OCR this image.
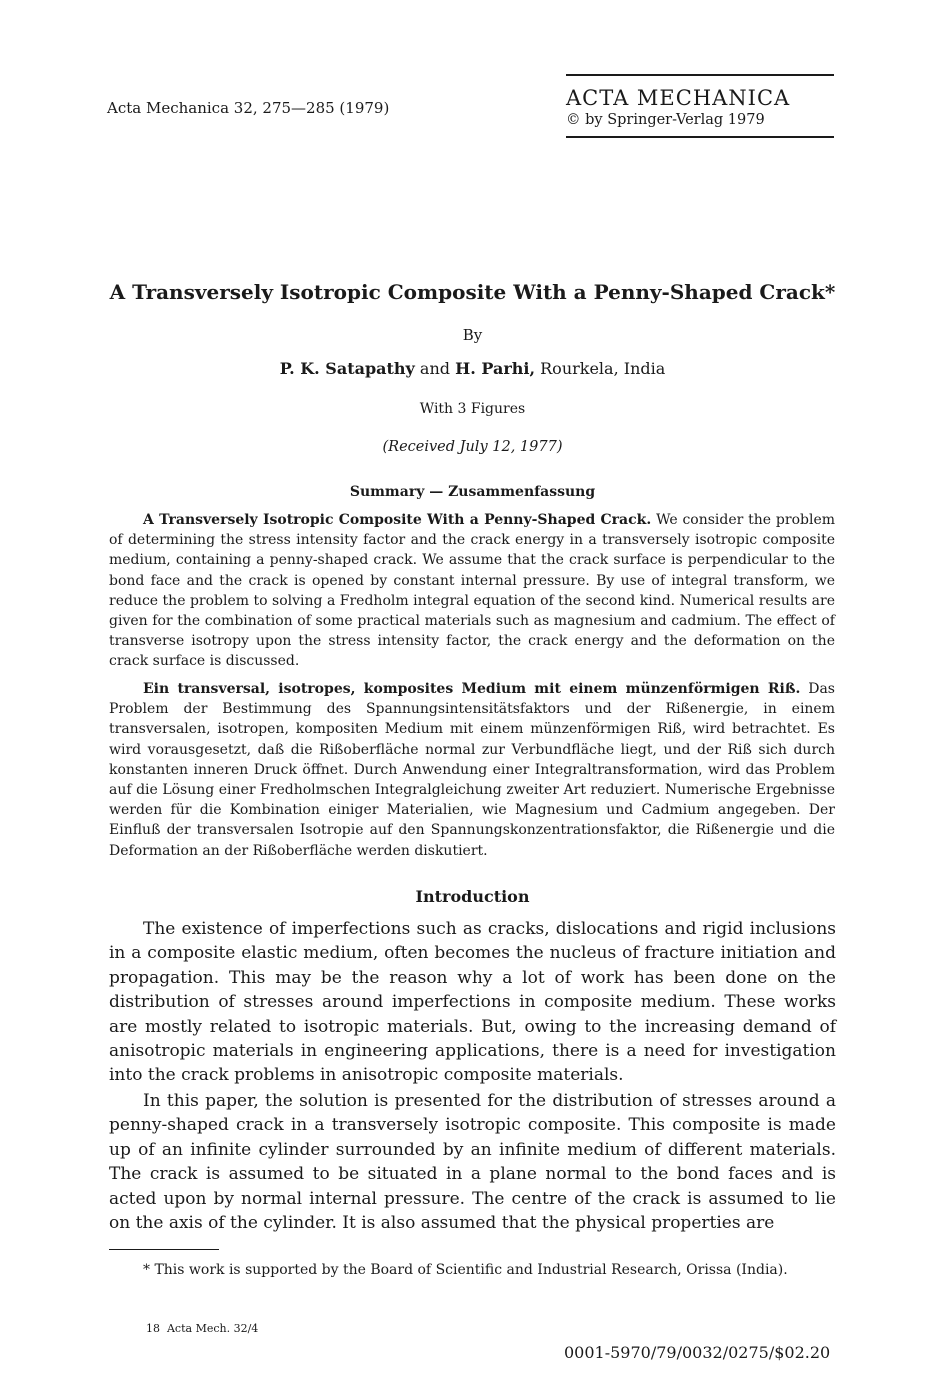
Acta Mechanica 32, 275—285 (1979)	ACTA MECHANICA
© by Springer-Verlag 1979
A Transversely Isotropic Composite With a Penny-Shaped Crack*
By
P. K. Satapathy and H. Parhi, Rourkela, India
With 3 Figures
(Received July 12, 1977)
Summary — Zusammenfassung

A Transversely Isotropic Composite With a Penny-Shaped Crack. We consider the problem of determining the stress intensity factor and the crack energy in a transversely isotropic composite medium, containing a penny-shaped crack. We assume that the crack surface is perpendicular to the bond face and the crack is opened by constant internal pressure. By use of integral transform, we reduce the problem to solving a Fredholm integral equation of the second kind. Numerical results are given for the combination of some practical materials such as magnesium and cadmium. The effect of transverse isotropy upon the stress intensity factor, the crack energy and the deformation on the crack surface is discussed.

Ein transversal, isotropes, komposites Medium mit einem münzenförmigen Riß. Das Problem der Bestimmung des Spannungsintensitätsfaktors und der Rißenergie, in einem transversalen, isotropen, kompositen Medium mit einem münzenförmigen Riß, wird betrachtet. Es wird vorausgesetzt, daß die Rißoberfläche normal zur Verbundfläche liegt, und der Riß sich durch konstanten inneren Druck öffnet. Durch Anwendung einer Integraltransformation, wird das Problem auf die Lösung einer Fredholmschen Integralgleichung zweiter Art reduziert. Numerische Ergebnisse werden für die Kombination einiger Materialien, wie Magnesium und Cadmium angegeben. Der Einfluß der transversalen Isotropie auf den Spannungskonzentrationsfaktor, die Rißenergie und die Deformation an der Rißoberfläche werden diskutiert.

Introduction

The existence of imperfections such as cracks, dislocations and rigid inclusions in a composite elastic medium, often becomes the nucleus of fracture initiation and propagation. This may be the reason why a lot of work has been done on the distribution of stresses around imperfections in composite medium. These works are mostly related to isotropic materials. But, owing to the increasing demand of anisotropic materials in engineering applications, there is a need for investigation into the crack problems in anisotropic composite materials.

In this paper, the solution is presented for the distribution of stresses around a penny-shaped crack in a transversely isotropic composite. This composite is made up of an infinite cylinder surrounded by an infinite medium of different materials. The crack is assumed to be situated in a plane normal to the bond faces and is acted upon by normal internal pressure. The centre of the crack is assumed to lie on the axis of the cylinder. It is also assumed that the physical properties are

* This work is supported by the Board of Scientific and Industrial Research, Orissa (India).

18  Acta Mech. 32/4
0001-5970/79/0032/0275/$02.20
